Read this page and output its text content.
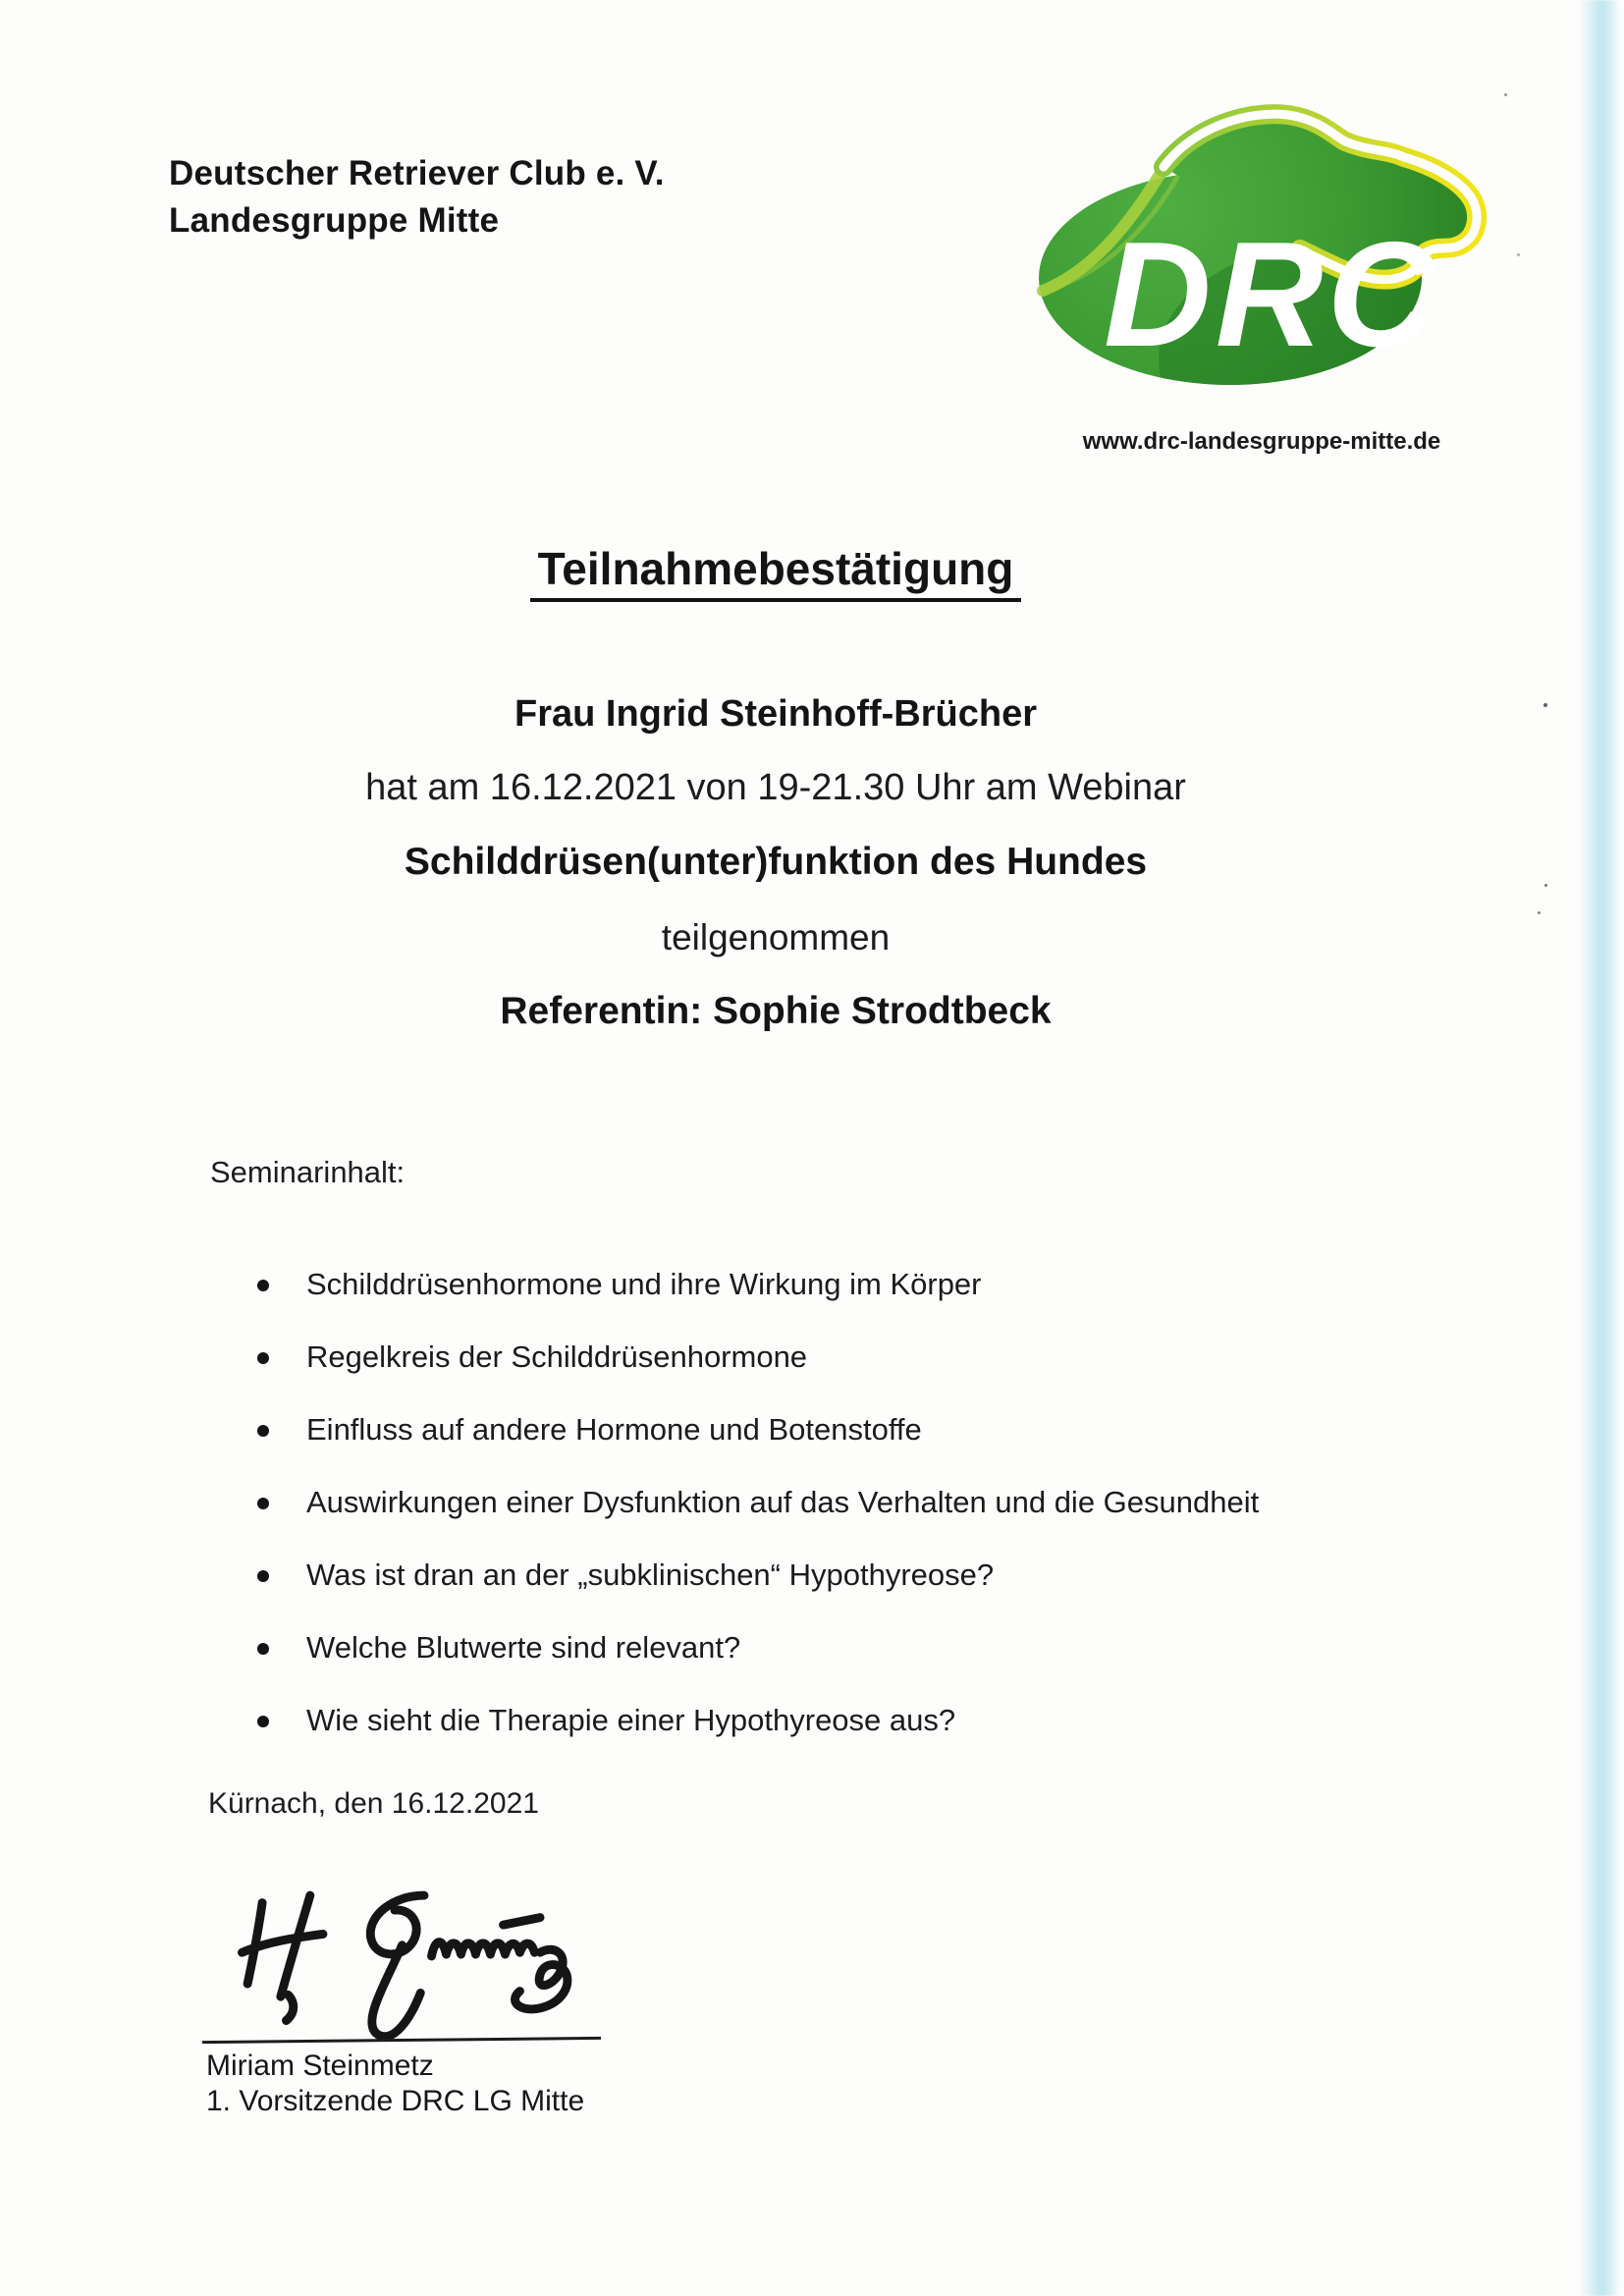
Deutscher Retriever Club e. V.
Landesgruppe Mitte	DRC
www.drc-landesgruppe-mitte.de
Teilnahmebestätigung
Frau Ingrid Steinhoff-Brücher
hat am 16.12.2021 von 19-21.30 Uhr am Webinar
Schilddrüsen(unter)funktion des Hundes
teilgenommen
Referentin: Sophie Strodtbeck
Seminarinhalt:
Schilddrüsenhormone und ihre Wirkung im Körper
Regelkreis der Schilddrüsenhormone
Einfluss auf andere Hormone und Botenstoffe
Auswirkungen einer Dysfunktion auf das Verhalten und die Gesundheit
Was ist dran an der „subklinischen“ Hypothyreose?
Welche Blutwerte sind relevant?
Wie sieht die Therapie einer Hypothyreose aus?
Kürnach, den 16.12.2021
Miriam Steinmetz
1. Vorsitzende DRC LG Mitte
